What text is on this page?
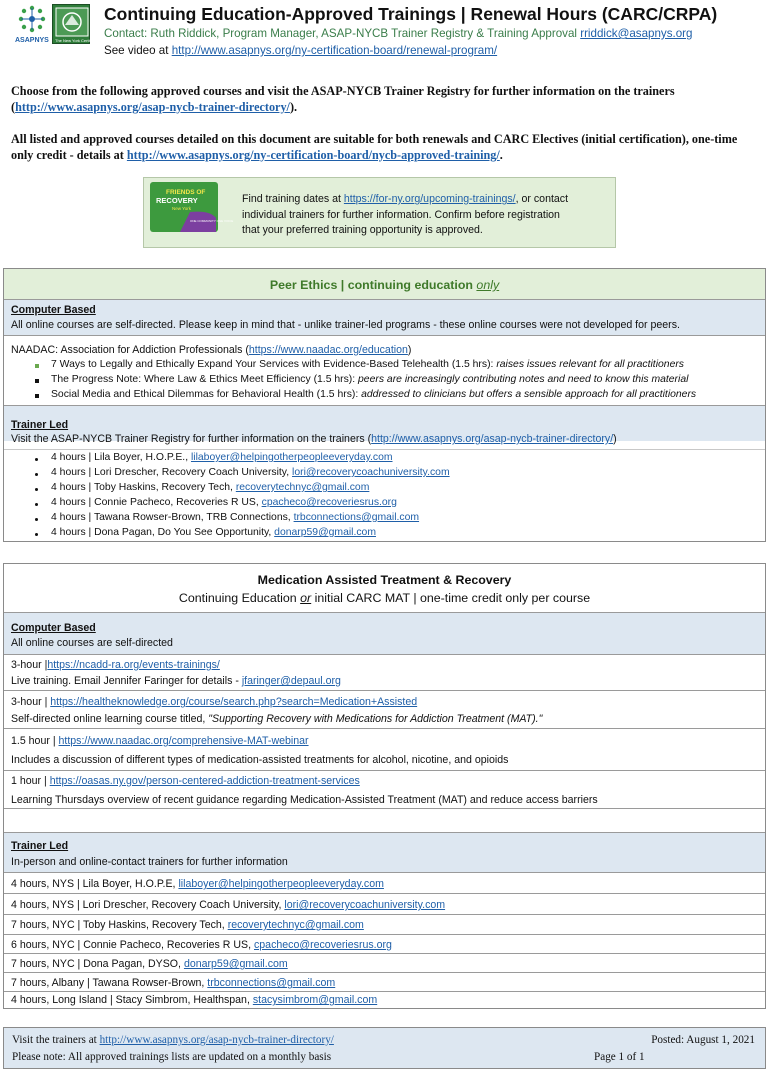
ASAPNYS The New York Certification Board
Continuing Education-Approved Trainings | Renewal Hours (CARC/CRPA)
Contact: Ruth Riddick, Program Manager, ASAP-NYCB Trainer Registry & Training Approval rriddick@asapnys.org
See video at http://www.asapnys.org/ny-certification-board/renewal-program/
Choose from the following approved courses and visit the ASAP-NYCB Trainer Registry for further information on the trainers (http://www.asapnys.org/asap-nycb-trainer-directory/).
All listed and approved courses detailed on this document are suitable for both renewals and CARC Electives (initial certification), one-time only credit - details at http://www.asapnys.org/ny-certification-board/nycb-approved-training/.
FRIENDS OF
RECOVERY
New York
ONE COMMUNITY ONE VOICE
Find training dates at https://for-ny.org/upcoming-trainings/, or contact
individual trainers for further information. Confirm before registration
that your preferred training opportunity is approved.
Peer Ethics | continuing education only
Computer Based
All online courses are self-directed. Please keep in mind that - unlike trainer-led programs - these online courses were not developed for peers.
NAADAC: Association for Addiction Professionals (https://www.naadac.org/education)
7 Ways to Legally and Ethically Expand Your Services with Evidence-Based Telehealth (1.5 hrs): raises issues relevant for all practitioners
The Progress Note: Where Law & Ethics Meet Efficiency (1.5 hrs): peers are increasingly contributing notes and need to know this material
Social Media and Ethical Dilemmas for Behavioral Health (1.5 hrs): addressed to clinicians but offers a sensible approach for all practitioners
Trainer Led
Visit the ASAP-NYCB Trainer Registry for further information on the trainers (http://www.asapnys.org/asap-nycb-trainer-directory/)
4 hours | Lila Boyer, H.O.P.E., lilaboyer@helpingotherpeopleeveryday.com
4 hours | Lori Drescher, Recovery Coach University, lori@recoverycoachuniversity.com
4 hours | Toby Haskins, Recovery Tech, recoverytechnyc@gmail.com
4 hours | Connie Pacheco, Recoveries R US, cpacheco@recoveriesrus.org
4 hours | Tawana Rowser-Brown, TRB Connections, trbconnections@gmail.com
4 hours | Dona Pagan, Do You See Opportunity, donarp59@gmail.com
Medication Assisted Treatment & Recovery
Continuing Education or initial CARC MAT | one-time credit only per course
Computer Based
All online courses are self-directed
3-hour |https://ncadd-ra.org/events-trainings/
Live training. Email Jennifer Faringer for details - jfaringer@depaul.org
3-hour | https://healtheknowledge.org/course/search.php?search=Medication+Assisted
Self-directed online learning course titled, "Supporting Recovery with Medications for Addiction Treatment (MAT)."
1.5 hour | https://www.naadac.org/comprehensive-MAT-webinar
Includes a discussion of different types of medication-assisted treatments for alcohol, nicotine, and opioids
1 hour | https://oasas.ny.gov/person-centered-addiction-treatment-services
Learning Thursdays overview of recent guidance regarding Medication-Assisted Treatment (MAT) and reduce access barriers
Trainer Led
In-person and online-contact trainers for further information
4 hours, NYS | Lila Boyer, H.O.P.E, lilaboyer@helpingotherpeopleeveryday.com
4 hours, NYS | Lori Drescher, Recovery Coach University, lori@recoverycoachuniversity.com
7 hours, NYC | Toby Haskins, Recovery Tech, recoverytechnyc@gmail.com
6 hours, NYC | Connie Pacheco, Recoveries R US, cpacheco@recoveriesrus.org
7 hours, NYC | Dona Pagan, DYSO, donarp59@gmail.com
7 hours, Albany | Tawana Rowser-Brown, trbconnections@gmail.com
4 hours, Long Island | Stacy Simbrom, Healthspan, stacysimbrom@gmail.com
Visit the trainers at http://www.asapnys.org/asap-nycb-trainer-directory/
Please note: All approved trainings lists are updated on a monthly basis
Posted: August 1, 2021
Page 1 of 1
